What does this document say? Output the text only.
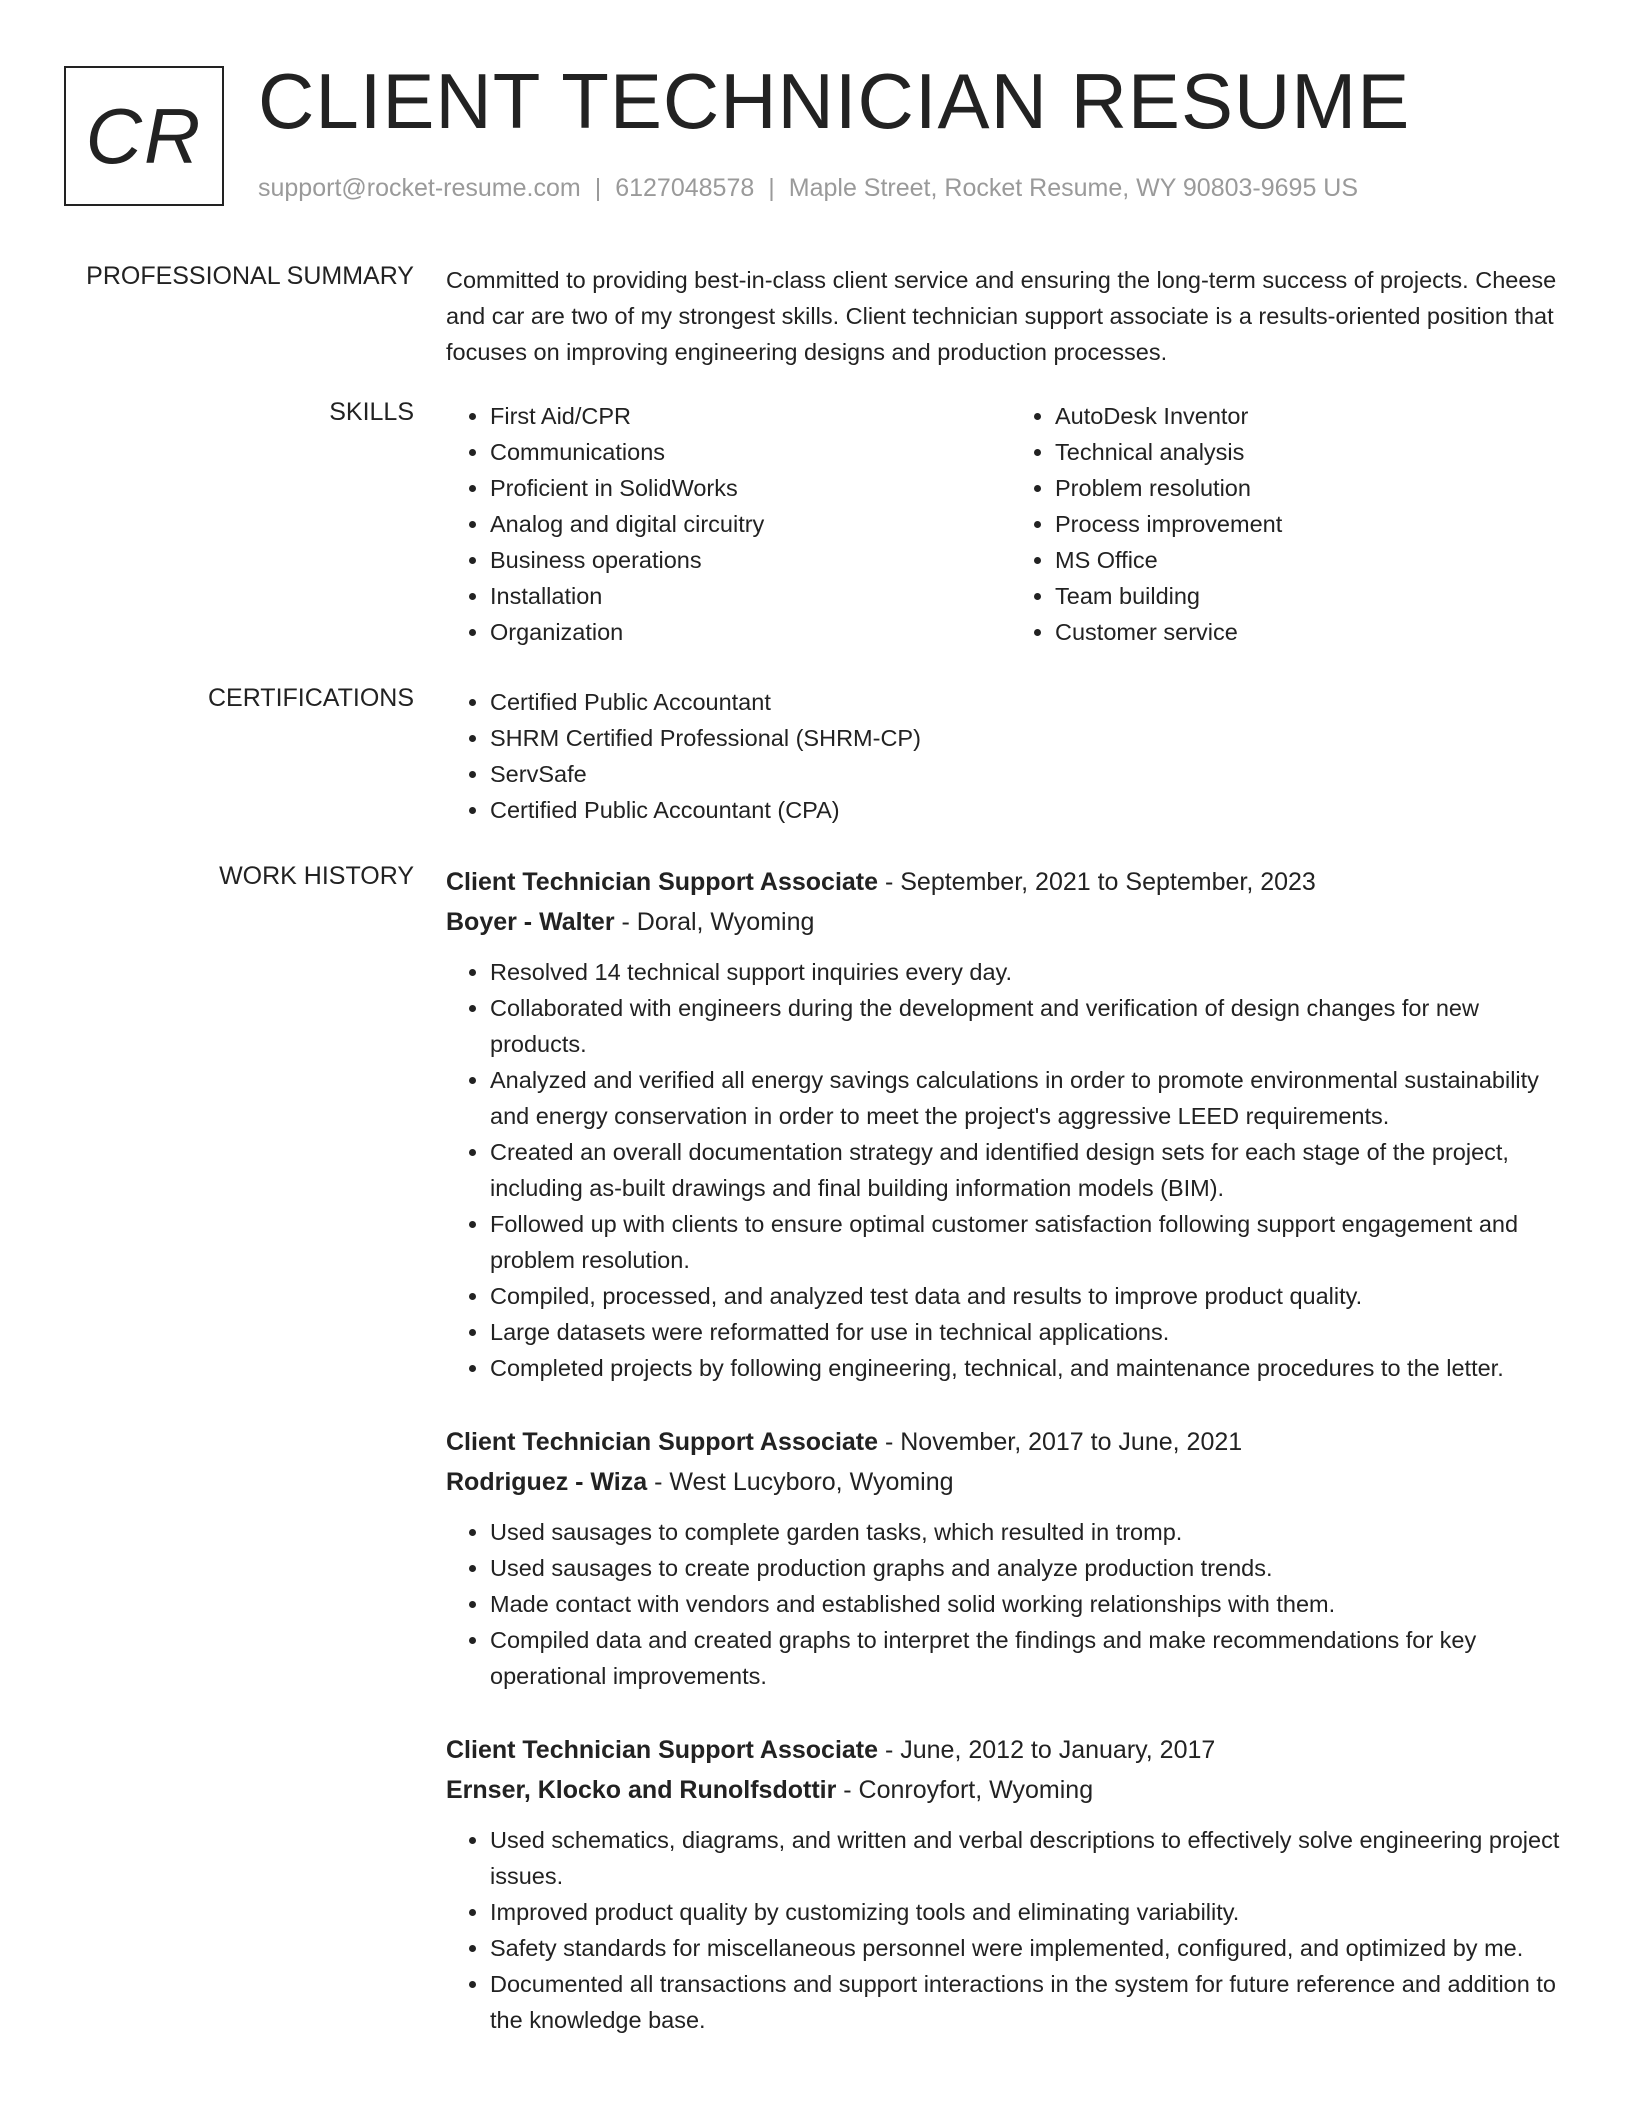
CR CLIENT TECHNICIAN RESUME
support@rocket-resume.com | 6127048578 | Maple Street, Rocket Resume, WY 90803-9695 US
PROFESSIONAL SUMMARY Committed to providing best-in-class client service and ensuring the long-term success of projects. Cheese and car are two of my strongest skills. Client technician support associate is a results-oriented position that focuses on improving engineering designs and production processes.

SKILLS	• First Aid/CPR
• Communications
• Proficient in SolidWorks
• Analog and digital circuitry
• Business operations
• Installation
• Organization
• AutoDesk Inventor
• Technical analysis
• Problem resolution
• Process improvement
• MS Office
• Team building
• Customer service
CERTIFICATIONS	• Certified Public Accountant
• SHRM Certified Professional (SHRM-CP)
• ServSafe
• Certified Public Accountant (CPA)
WORK HISTORY Client Technician Support Associate - September, 2021 to September, 2023
Boyer - Walter - Doral, Wyoming
• Resolved 14 technical support inquiries every day.
• Collaborated with engineers during the development and verification of design changes for new products.
• Analyzed and verified all energy savings calculations in order to promote environmental sustainability and energy conservation in order to meet the project's aggressive LEED requirements.
• Created an overall documentation strategy and identified design sets for each stage of the project, including as-built drawings and final building information models (BIM).
• Followed up with clients to ensure optimal customer satisfaction following support engagement and problem resolution.
• Compiled, processed, and analyzed test data and results to improve product quality.
• Large datasets were reformatted for use in technical applications.
• Completed projects by following engineering, technical, and maintenance procedures to the letter.
Client Technician Support Associate - November, 2017 to June, 2021
Rodriguez - Wiza - West Lucyboro, Wyoming
• Used sausages to complete garden tasks, which resulted in tromp.
• Used sausages to create production graphs and analyze production trends.
• Made contact with vendors and established solid working relationships with them.
• Compiled data and created graphs to interpret the findings and make recommendations for key operational improvements.
Client Technician Support Associate - June, 2012 to January, 2017
Ernser, Klocko and Runolfsdottir - Conroyfort, Wyoming
• Used schematics, diagrams, and written and verbal descriptions to effectively solve engineering project issues.
• Improved product quality by customizing tools and eliminating variability.
• Safety standards for miscellaneous personnel were implemented, configured, and optimized by me.
• Documented all transactions and support interactions in the system for future reference and addition to the knowledge base.
